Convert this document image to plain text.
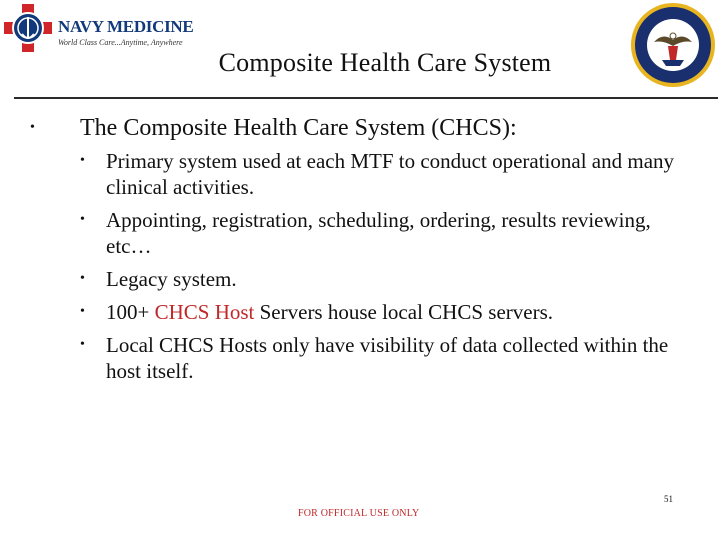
NAVY MEDICINE
World Class Care...Anytime, Anywhere
Composite Health Care System
• The Composite Health Care System (CHCS):
• Primary system used at each MTF to conduct operational and many clinical activities.
• Appointing, registration, scheduling, ordering, results reviewing, etc…
• Legacy system.
• 100+ CHCS Host Servers house local CHCS servers.
• Local CHCS Hosts only have visibility of data collected within the host itself.
51
FOR OFFICIAL USE ONLY
